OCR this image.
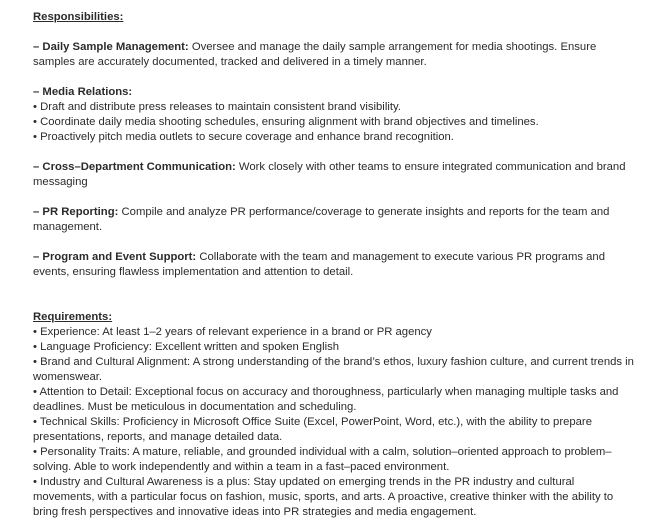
Responsibilities:

– Daily Sample Management: Oversee and manage the daily sample arrangement for media shootings. Ensure samples are accurately documented, tracked and delivered in a timely manner.

– Media Relations:
• Draft and distribute press releases to maintain consistent brand visibility.
• Coordinate daily media shooting schedules, ensuring alignment with brand objectives and timelines.
• Proactively pitch media outlets to secure coverage and enhance brand recognition.

– Cross–Department Communication: Work closely with other teams to ensure integrated communication and brand messaging

– PR Reporting: Compile and analyze PR performance/coverage to generate insights and reports for the team and management.

– Program and Event Support: Collaborate with the team and management to execute various PR programs and events, ensuring flawless implementation and attention to detail.

Requirements:
• Experience: At least 1–2 years of relevant experience in a brand or PR agency
• Language Proficiency: Excellent written and spoken English
• Brand and Cultural Alignment: A strong understanding of the brand’s ethos, luxury fashion culture, and current trends in womenswear.
• Attention to Detail: Exceptional focus on accuracy and thoroughness, particularly when managing multiple tasks and deadlines. Must be meticulous in documentation and scheduling.
• Technical Skills: Proficiency in Microsoft Office Suite (Excel, PowerPoint, Word, etc.), with the ability to prepare presentations, reports, and manage detailed data.
• Personality Traits: A mature, reliable, and grounded individual with a calm, solution–oriented approach to problem–solving. Able to work independently and within a team in a fast–paced environment.
• Industry and Cultural Awareness is a plus: Stay updated on emerging trends in the PR industry and cultural movements, with a particular focus on fashion, music, sports, and arts. A proactive, creative thinker with the ability to bring fresh perspectives and innovative ideas into PR strategies and media engagement.
